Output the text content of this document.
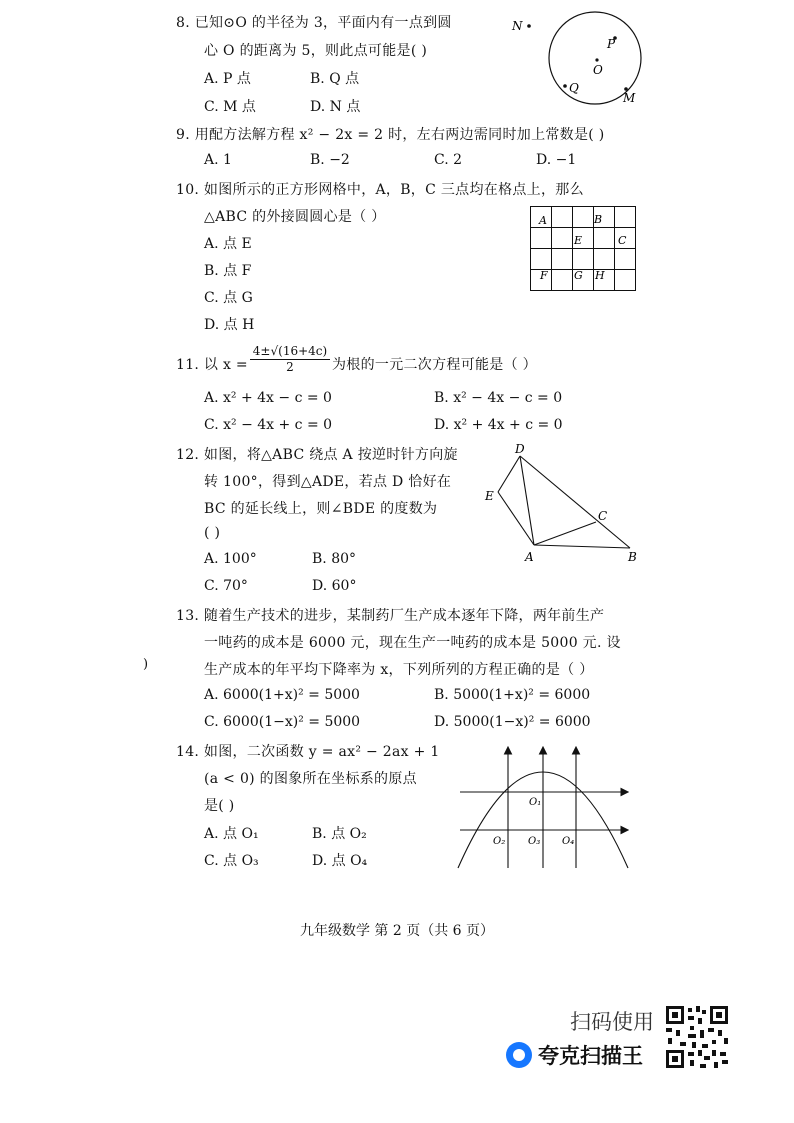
8. 已知⊙O 的半径为 3，平面内有一点到圆
心 O 的距离为 5，则此点可能是( )
A. P 点	B. Q 点
C. M 点	D. N 点
N
P
O
Q
M
9. 用配方法解方程 x² − 2x = 2 时，左右两边需同时加上常数是( )
A. 1	B. −2	C. 2	D. −1
10. 如图所示的正方形网格中，A，B，C 三点均在格点上，那么
△ABC 的外接圆圆心是（ ）
A. 点 E
B. 点 F
C. 点 G
D. 点 H
A	B
E	C
F G H
11. 以 $x = \frac{4\pm√(16+4c)}{2}$ 为根的一元二次方程可能是（ ）
A. x² + 4x − c = 0	B. x² − 4x − c = 0
C. x² − 4x + c = 0	D. x² + 4x + c = 0
12. 如图，将△ABC 绕点 A 按逆时针方向旋
转 100°，得到△ADE，若点 D 恰好在
BC 的延长线上，则∠BDE 的度数为
( )
A. 100°	B. 80°
C. 70°	D. 60°
D
E
C
A	B
13. 随着生产技术的进步，某制药厂生产成本逐年下降，两年前生产
一吨药的成本是 6000 元，现在生产一吨药的成本是 5000 元. 设
生产成本的年平均下降率为 x，下列所列的方程正确的是（ ）
)
A. 6000(1+x)² = 5000	B. 5000(1+x)² = 6000
C. 6000(1−x)² = 5000	D. 5000(1−x)² = 6000
14. 如图，二次函数 y = ax² − 2ax + 1
(a < 0) 的图象所在坐标系的原点
是( )
A. 点 O₁	B. 点 O₂
C. 点 O₃	D. 点 O₄
O₁
O₂ O₃ O₄
九年级数学 第 2 页（共 6 页）
扫码使用
夸克扫描王
